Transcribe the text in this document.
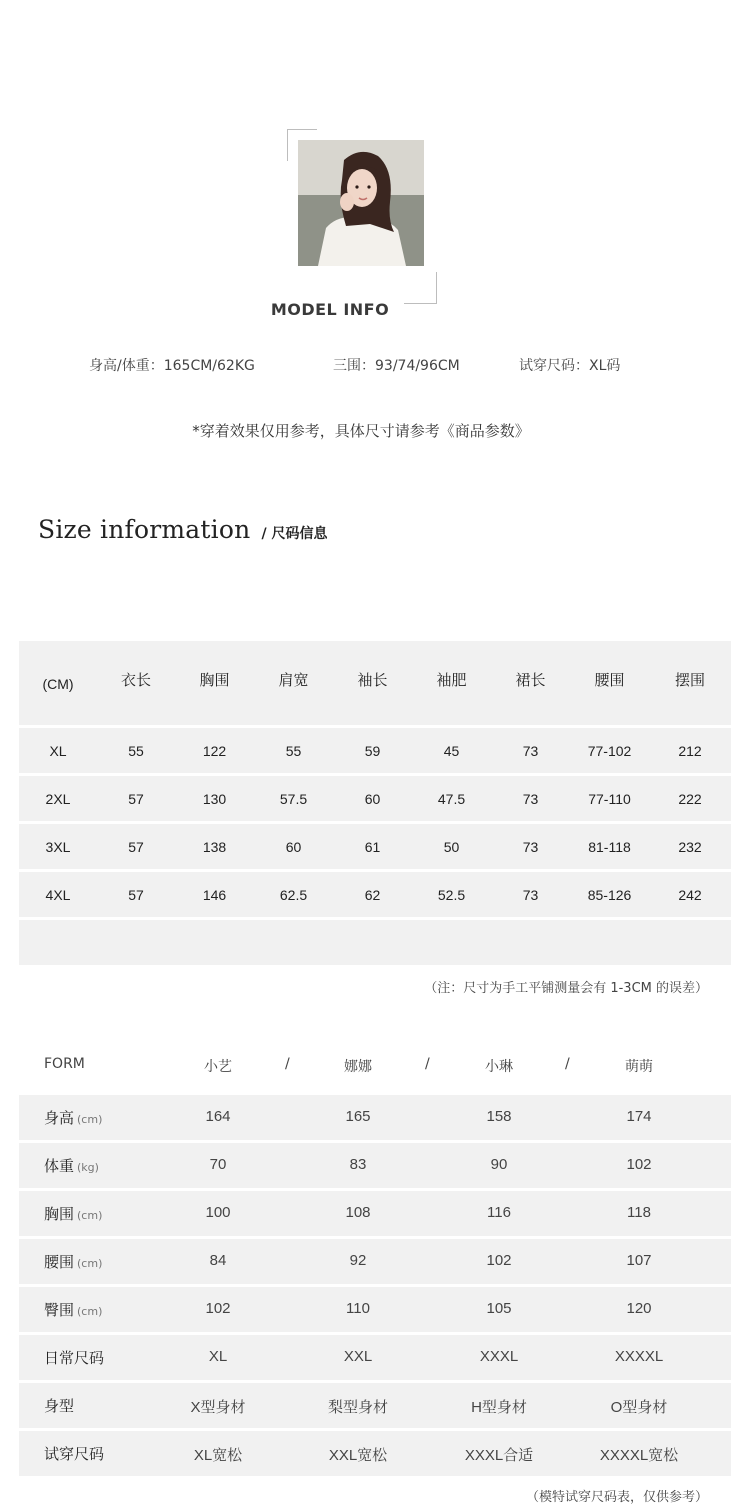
MODEL INFO
身高/体重：165CM/62KG	三围：93/74/96CM	试穿尺码：XL码
*穿着效果仅用参考，具体尺寸请参考《商品参数》
Size information / 尺码信息
(CM)	衣长	胸围	肩宽	袖长	袖肥	裙长	腰围	摆围
XL	55	122	55	59	45	73	77-102	212
2XL	57	130	57.5	60	47.5	73	77-110	222
3XL	57	138	60	61	50	73	81-118	232
4XL	57	146	62.5	62	52.5	73	85-126	242
（注：尺寸为手工平铺测量会有 1-3CM 的误差）
FORM	小艺	/	娜娜	/	小琳	/	萌萌
身高 (cm)	164	165	158	174
体重 (kg)	70	83	90	102
胸围 (cm)	100	108	116	118
腰围 (cm)	84	92	102	107
臀围 (cm)	102	110	105	120
日常尺码	XL	XXL	XXXL	XXXXL
身型	X型身材	梨型身材	H型身材	O型身材
试穿尺码	XL宽松	XXL宽松	XXXL合适	XXXXL宽松
（模特试穿尺码表，仅供参考）
